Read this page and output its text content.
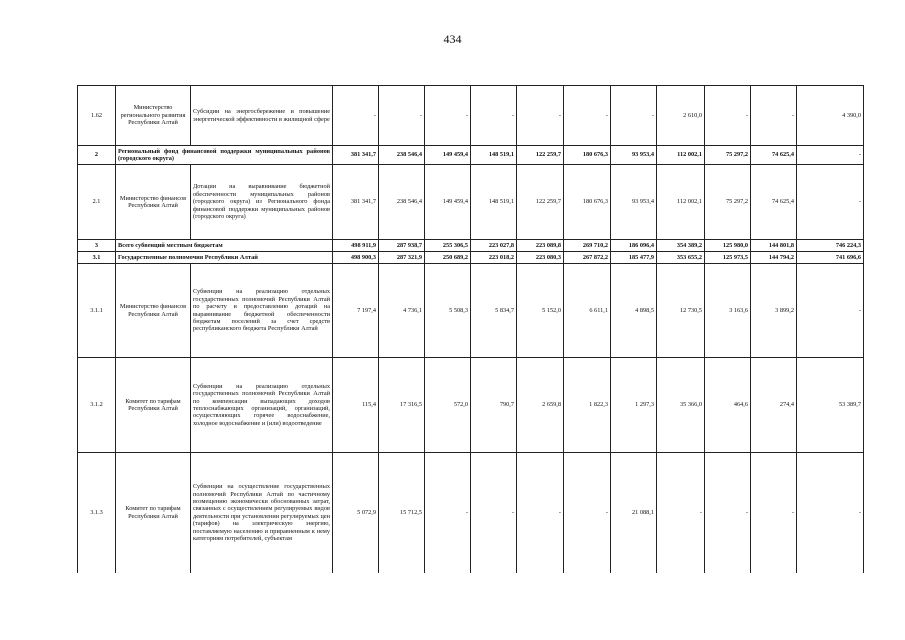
434
1.62	Министерство регионального развития Республики Алтай	Субсидии на энергосбережение и повышение энергетической эффективности в жилищной сфере	-	-	-	-	-	-	-	2 610,0	-	-	4 390,0
2	Региональный фонд финансовой поддержки муниципальных районов (городского округа)		381 341,7	238 546,4	149 459,4	148 519,1	122 259,7	180 676,3	93 953,4	112 002,1	75 297,2	74 625,4	-
2.1	Министерство финансов Республики Алтай	Дотации на выравнивание бюджетной обеспеченности муниципальных районов (городского округа) из Регионального фонда финансовой поддержки муниципальных районов (городского округа)	381 341,7	238 546,4	149 459,4	148 519,1	122 259,7	180 676,3	93 953,4	112 002,1	75 297,2	74 625,4	-
3	Всего субвенций местным бюджетам		498 911,9	287 938,7	255 306,5	223 027,8	223 089,8	269 710,2	186 096,4	354 389,2	125 980,0	144 801,8	746 224,3
3.1	Государственные полномочия Республики Алтай		498 900,3	287 321,9	250 689,2	223 018,2	223 080,3	267 872,2	185 477,9	353 655,2	125 973,5	144 794,2	741 696,6
3.1.1	Министерство финансов Республики Алтай	Субвенции на реализацию отдельных государственных полномочий Республики Алтай по расчету и предоставлению дотаций на выравнивание бюджетной обеспеченности бюджетам поселений за счет средств республиканского бюджета Республики Алтай	7 197,4	4 736,1	5 508,3	5 834,7	5 152,0	6 611,1	4 898,5	12 730,5	3 163,6	3 899,2	-
3.1.2	Комитет по тарифам Республики Алтай	Субвенции на реализацию отдельных государственных полномочий Республики Алтай по компенсации выпадающих доходов теплоснабжающих организаций, организаций, осуществляющих горячее водоснабжение, холодное водоснабжение и (или) водоотведение	115,4	17 316,5	572,0	790,7	2 659,8	1 822,3	1 297,3	35 366,0	464,6	274,4	53 389,7
3.1.3	Комитет по тарифам Республики Алтай	Субвенции на осуществление государственных полномочий Республики Алтай по частичному возмещению экономически обоснованных затрат, связанных с осуществлением регулируемых видов деятельности при установлении регулируемых цен (тарифов) на электрическую энергию, поставляемую населению и приравненным к нему категориям потребителей, субъектам	5 072,9	15 712,5	-	-	-	-	21 088,1	-	-	-	-
